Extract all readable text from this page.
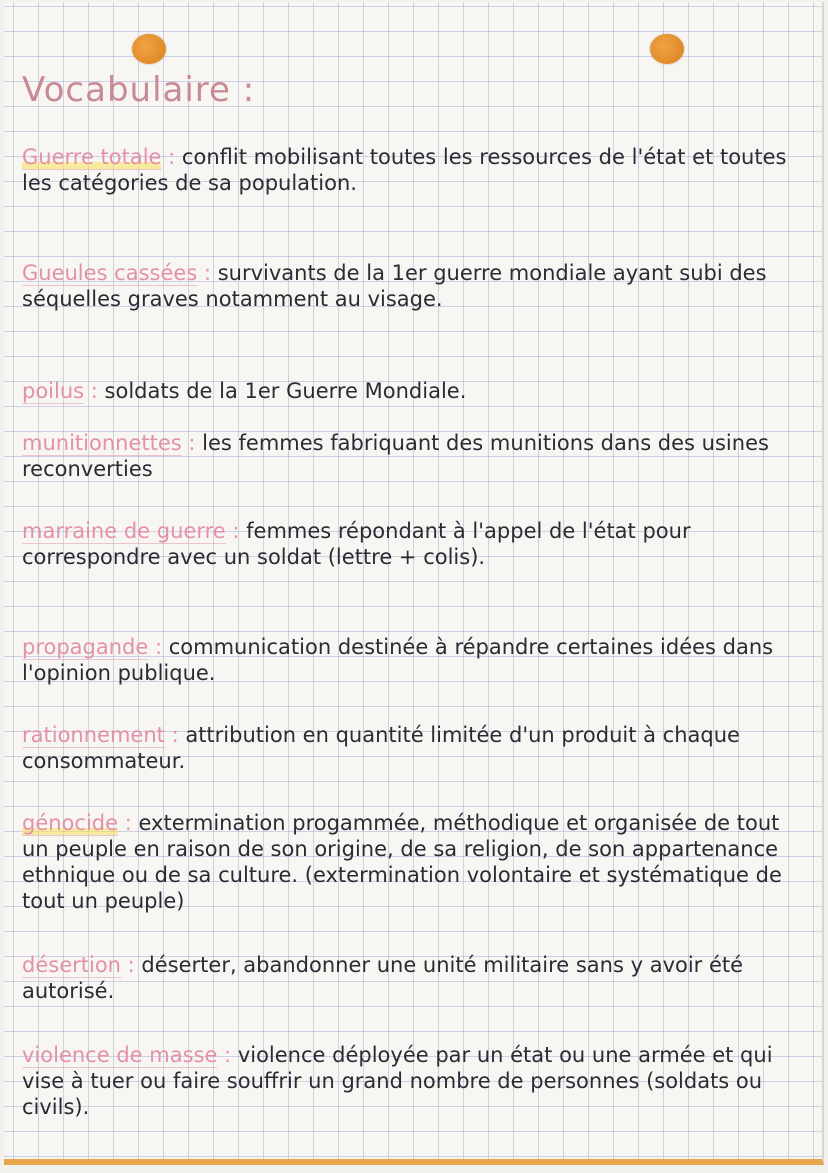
Vocabulaire :
Guerre totale : conflit mobilisant toutes les ressources de l'état et toutes les catégories de sa population.
Gueules cassées : survivants de la 1er guerre mondiale ayant subi des séquelles graves notamment au visage.
poilus : soldats de la 1er Guerre Mondiale.
munitionnettes : les femmes fabriquant des munitions dans des usines reconverties
marraine de guerre : femmes répondant à l'appel de l'état pour correspondre avec un soldat (lettre + colis).
propagande : communication destinée à répandre certaines idées dans l'opinion publique.
rationnement : attribution en quantité limitée d'un produit à chaque consommateur.
génocide : extermination progammée, méthodique et organisée de tout un peuple en raison de son origine, de sa religion, de son appartenance ethnique ou de sa culture. (extermination volontaire et systématique de tout un peuple)
désertion : déserter, abandonner une unité militaire sans y avoir été autorisé.
violence de masse : violence déployée par un état ou une armée et qui vise à tuer ou faire souffrir un grand nombre de personnes (soldats ou civils).
